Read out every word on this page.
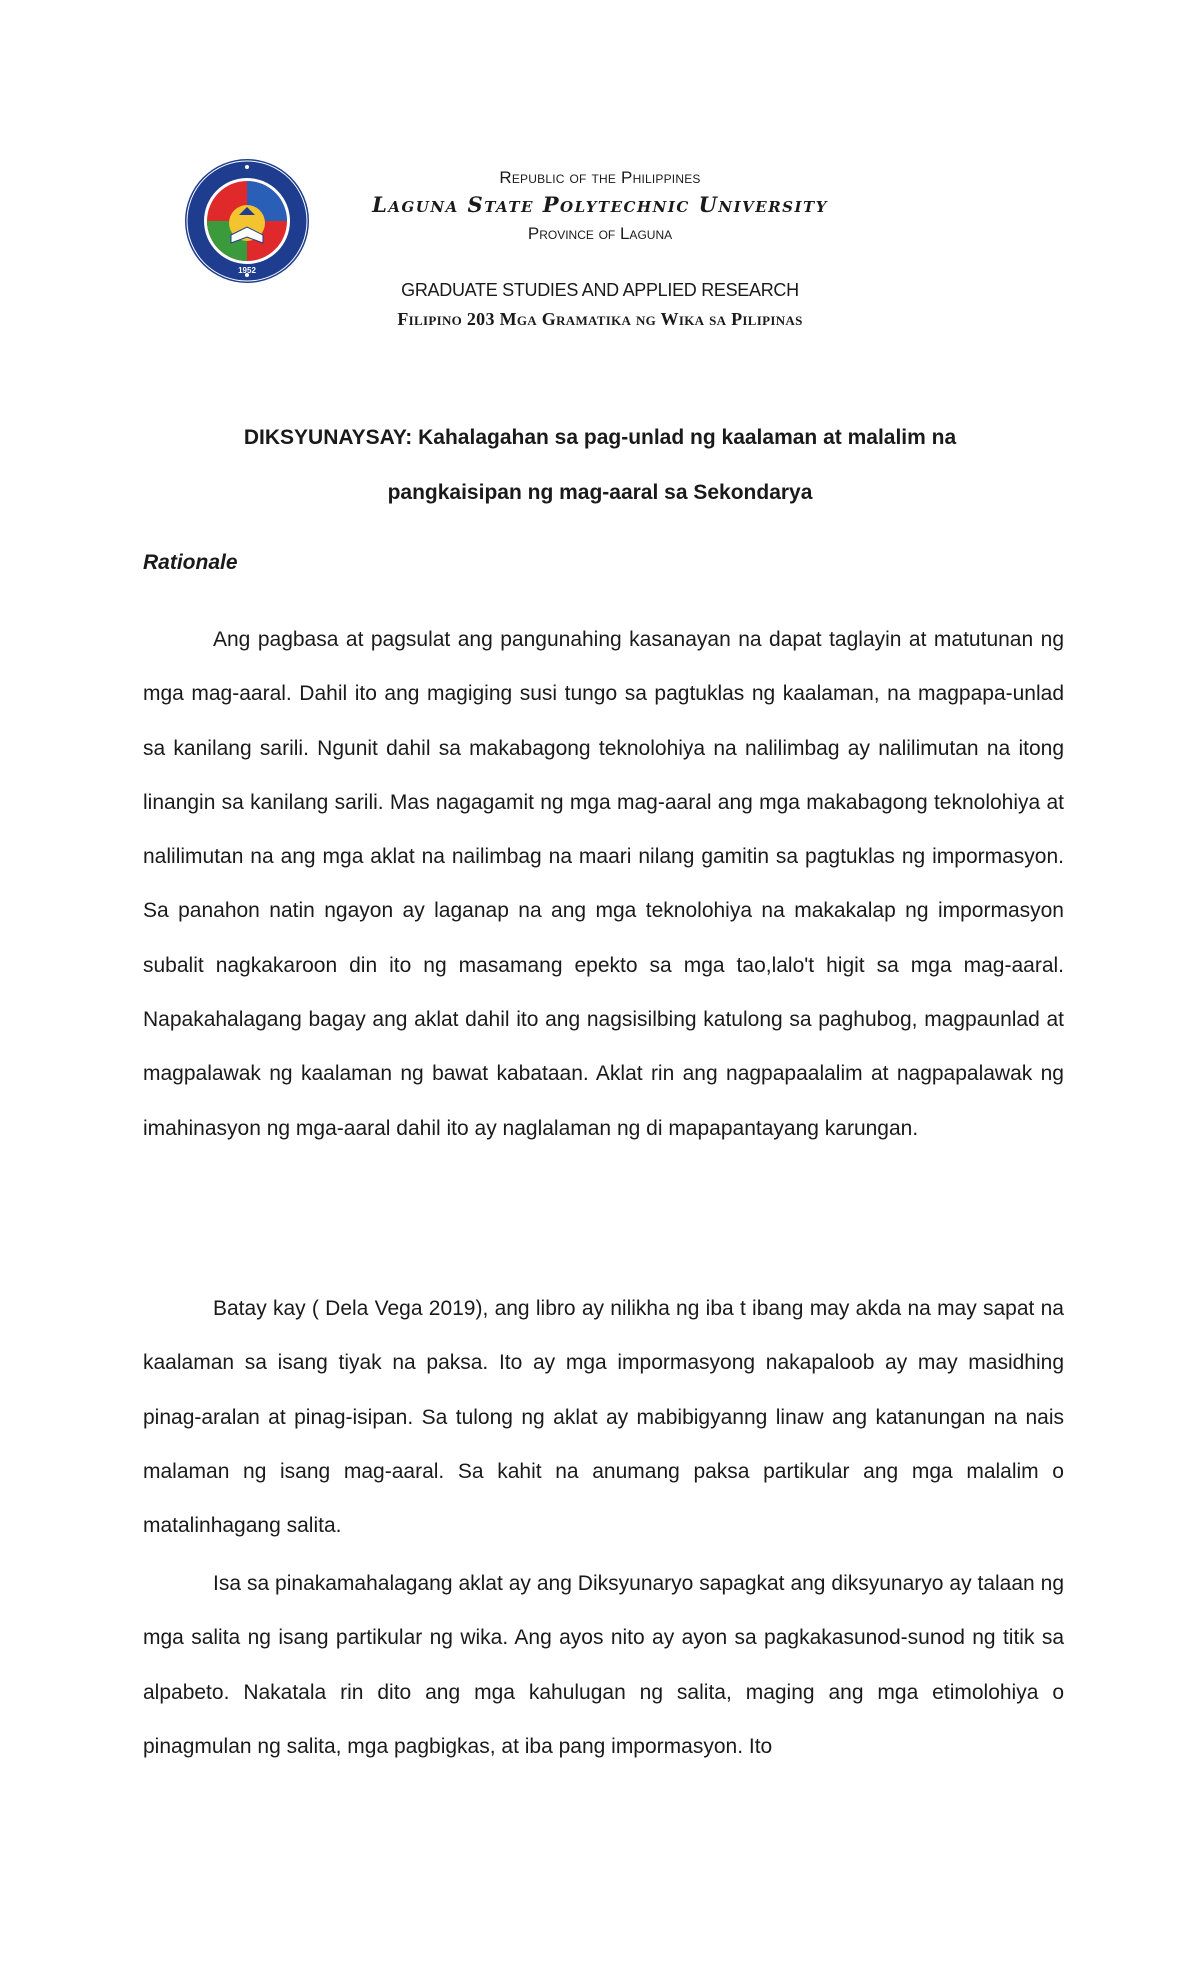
1952
Republic of the Philippines
Laguna State Polytechnic University
Province of Laguna
GRADUATE STUDIES AND APPLIED RESEARCH
Filipino 203 Mga Gramatika ng Wika sa Pilipinas
DIKSYUNAYSAY: Kahalagahan sa pag-unlad ng kaalaman at malalim na
pangkaisipan ng mag-aaral sa Sekondarya
Rationale

Ang pagbasa at pagsulat ang pangunahing kasanayan na dapat taglayin at matutunan ng mga mag-aaral. Dahil ito ang magiging susi tungo sa pagtuklas ng kaalaman, na magpapa-unlad sa kanilang sarili. Ngunit dahil sa makabagong teknolohiya na nalilimbag ay nalilimutan na itong linangin sa kanilang sarili. Mas nagagamit ng mga mag-aaral ang mga makabagong teknolohiya at nalilimutan na ang mga aklat na nailimbag na maari nilang gamitin sa pagtuklas ng impormasyon. Sa panahon natin ngayon ay laganap na ang mga teknolohiya na makakalap ng impormasyon subalit nagkakaroon din ito ng masamang epekto sa mga tao,lalo't higit sa mga mag-aaral. Napakahalagang bagay ang aklat dahil ito ang nagsisilbing katulong sa paghubog, magpaunlad at magpalawak ng kaalaman ng bawat kabataan. Aklat rin ang nagpapaalalim at nagpapalawak ng imahinasyon ng mga-aaral dahil ito ay naglalaman ng di mapapantayang karungan.

Batay kay ( Dela Vega 2019), ang libro ay nilikha ng iba t ibang may akda na may sapat na kaalaman sa isang tiyak na paksa. Ito ay mga impormasyong nakapaloob ay may masidhing pinag-aralan at pinag-isipan. Sa tulong ng aklat ay mabibigyanng linaw ang katanungan na nais malaman ng isang mag-aaral. Sa kahit na anumang paksa partikular ang mga malalim o matalinhagang salita.

Isa sa pinakamahalagang aklat ay ang Diksyunaryo sapagkat ang diksyunaryo ay talaan ng mga salita ng isang partikular ng wika. Ang ayos nito ay ayon sa pagkakasunod-sunod ng titik sa alpabeto. Nakatala rin dito ang mga kahulugan ng salita, maging ang mga etimolohiya o pinagmulan ng salita, mga pagbigkas, at iba pang impormasyon. Ito
